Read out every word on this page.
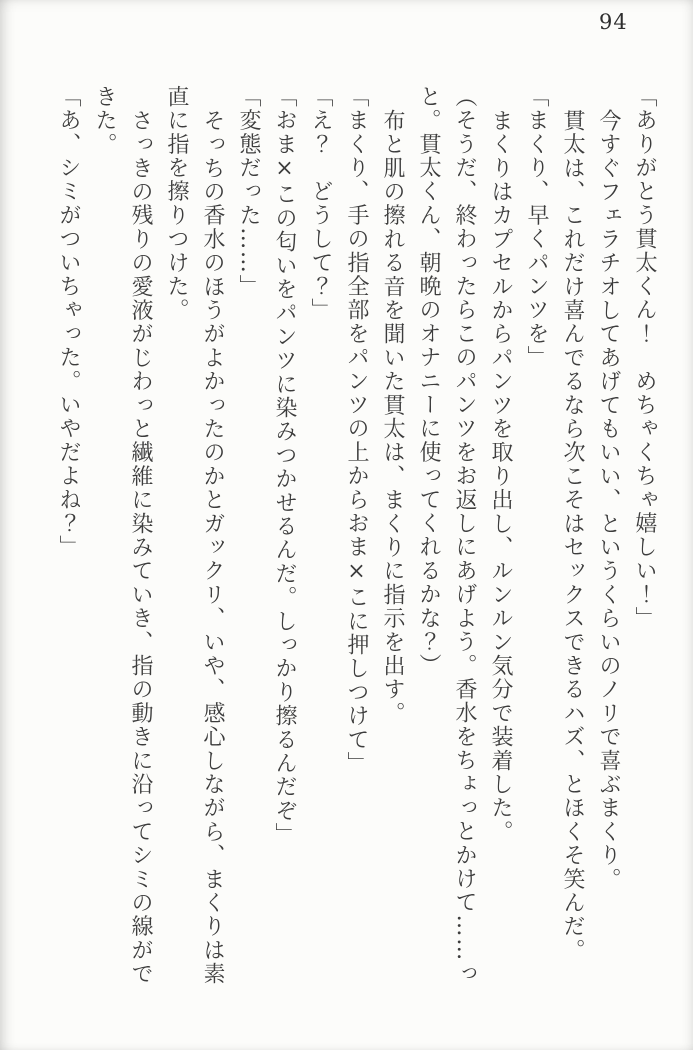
94

「ありがとう貫太くん！　めちゃくちゃ嬉しい！」

今すぐフェラチオしてあげてもいい、というくらいのノリで喜ぶまくり。

貫太は、これだけ喜んでるなら次こそはセックスできるハズ、とほくそ笑んだ。

「まくり、早くパンツを」

まくりはカプセルからパンツを取り出し、ルンルン気分で装着した。

（そうだ、終わったらこのパンツをお返しにあげよう。香水をちょっとかけて……っと。貫太くん、朝晩のオナニーに使ってくれるかな？）

布と肌の擦れる音を聞いた貫太は、まくりに指示を出す。

「まくり、手の指全部をパンツの上からおま×こに押しつけて」

「え？　どうして？」

「おま×この匂いをパンツに染みつかせるんだ。しっかり擦るんだぞ」

「変態だった……」

そっちの香水のほうがよかったのかとガックリ、いや、感心しながら、まくりは素直に指を擦りつけた。

さっきの残りの愛液がじわっと繊維に染みていき、指の動きに沿ってシミの線ができた。

「あ、シミがついちゃった。いやだよね？」
